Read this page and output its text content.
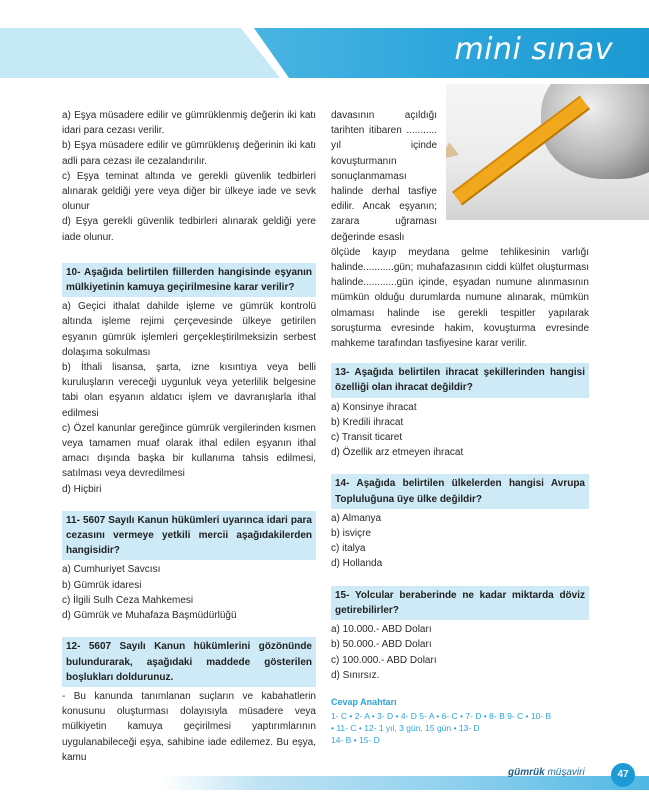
mini sınav

a) Eşya müsadere edilir ve gümrüklenmiş değerin iki katı idari para cezası verilir.

b) Eşya müsadere edilir ve gümrüklenış değerinin iki katı adli para cezası ile cezalandırılır.

c) Eşya teminat altında ve gerekli güvenlik tedbirleri alınarak geldiği yere veya diğer bir ülkeye iade ve sevk olunur

d) Eşya gerekli güvenlik tedbirleri alınarak geldiği yere iade olunur.

10- Aşağıda belirtilen fiillerden hangisinde eşyanın mülkiyetinin kamuya geçirilmesine karar verilir?

a) Geçici ithalat dahilde işleme ve gümrük kontrolü altında işleme rejimi çerçevesinde ülkeye getirilen eşyanın gümrük işlemleri gerçekleştirilmeksizin serbest dolaşıma sokulması

b) İthali lisansa, şarta, izne kısıntıya veya belli kuruluşların vereceği uygunluk veya yeterlilik belgesine tabi olan eşyanın aldatıcı işlem ve davranışlarla ithal edilmesi

c) Özel kanunlar gereğince gümrük vergilerinden kısmen veya tamamen muaf olarak ithal edilen eşyanın ithal amacı dışında başka bir kullanıma tahsis edilmesi, satılması veya devredilmesi

d) Hiçbiri

11- 5607 Sayılı Kanun hükümleri uyarınca idari para cezasını vermeye yetkili mercii aşağıdakilerden hangisidir?

a) Cumhuriyet Savcısı

b) Gümrük idaresi

c) İlgili Sulh Ceza Mahkemesi

d) Gümrük ve Muhafaza Başmüdürlüğü

12- 5607 Sayılı Kanun hükümlerini gözönünde bulundurarak, aşağıdaki maddede gösterilen boşlukları doldurunuz.

- Bu kanunda tanımlanan suçların ve kabahatlerin konusunu oluşturması dolayısıyla müsadere veya mülkiyetin kamuya geçirilmesi yaptırımlarının uygulanabileceği eşya, sahibine iade edilemez. Bu eşya, kamu

davasının açıldığı tarihten itibaren ........... yıl içinde kovuşturmanın sonuçlanmaması halinde derhal tasfiye edilir. Ancak eşyanın; zarara uğraması değerinde esaslı

ölçüde kayıp meydana gelme tehlikesinin varlığı halinde...........gün; muhafazasının ciddi külfet oluşturması halinde............gün içinde, eşyadan numune alınmasının mümkün olduğu durumlarda numune alınarak, mümkün olmaması halinde ise gerekli tespitler yapılarak soruşturma evresinde hakim, kovuşturma evresinde mahkeme tarafından tasfiyesine karar verilir.

13- Aşağıda belirtilen ihracat şekillerinden hangisi özelliği olan ihracat değildir?

a) Konsinye ihracat

b) Kredili ihracat

c) Transit ticaret

d) Özellik arz etmeyen ihracat

14- Aşağıda belirtilen ülkelerden hangisi Avrupa Topluluğuna üye ülke değildir?

a) Almanya

b) isviçre

c) italya

d) Hollanda

15- Yolcular beraberinde ne kadar miktarda döviz getirebilirler?

a) 10.000.- ABD Doları

b) 50.000.- ABD Doları

c) 100.000.- ABD Doları

d) Sınırsız.

Cevap Anahtarı
1- C • 2- A • 3- D • 4- D 5- A • 6- C • 7- D • 8- B 9- C • 10- B
• 11- C • 12- 1 yıl, 3 gün, 15 gün • 13- D
14- B • 15- D
gümrük müşaviri	47
